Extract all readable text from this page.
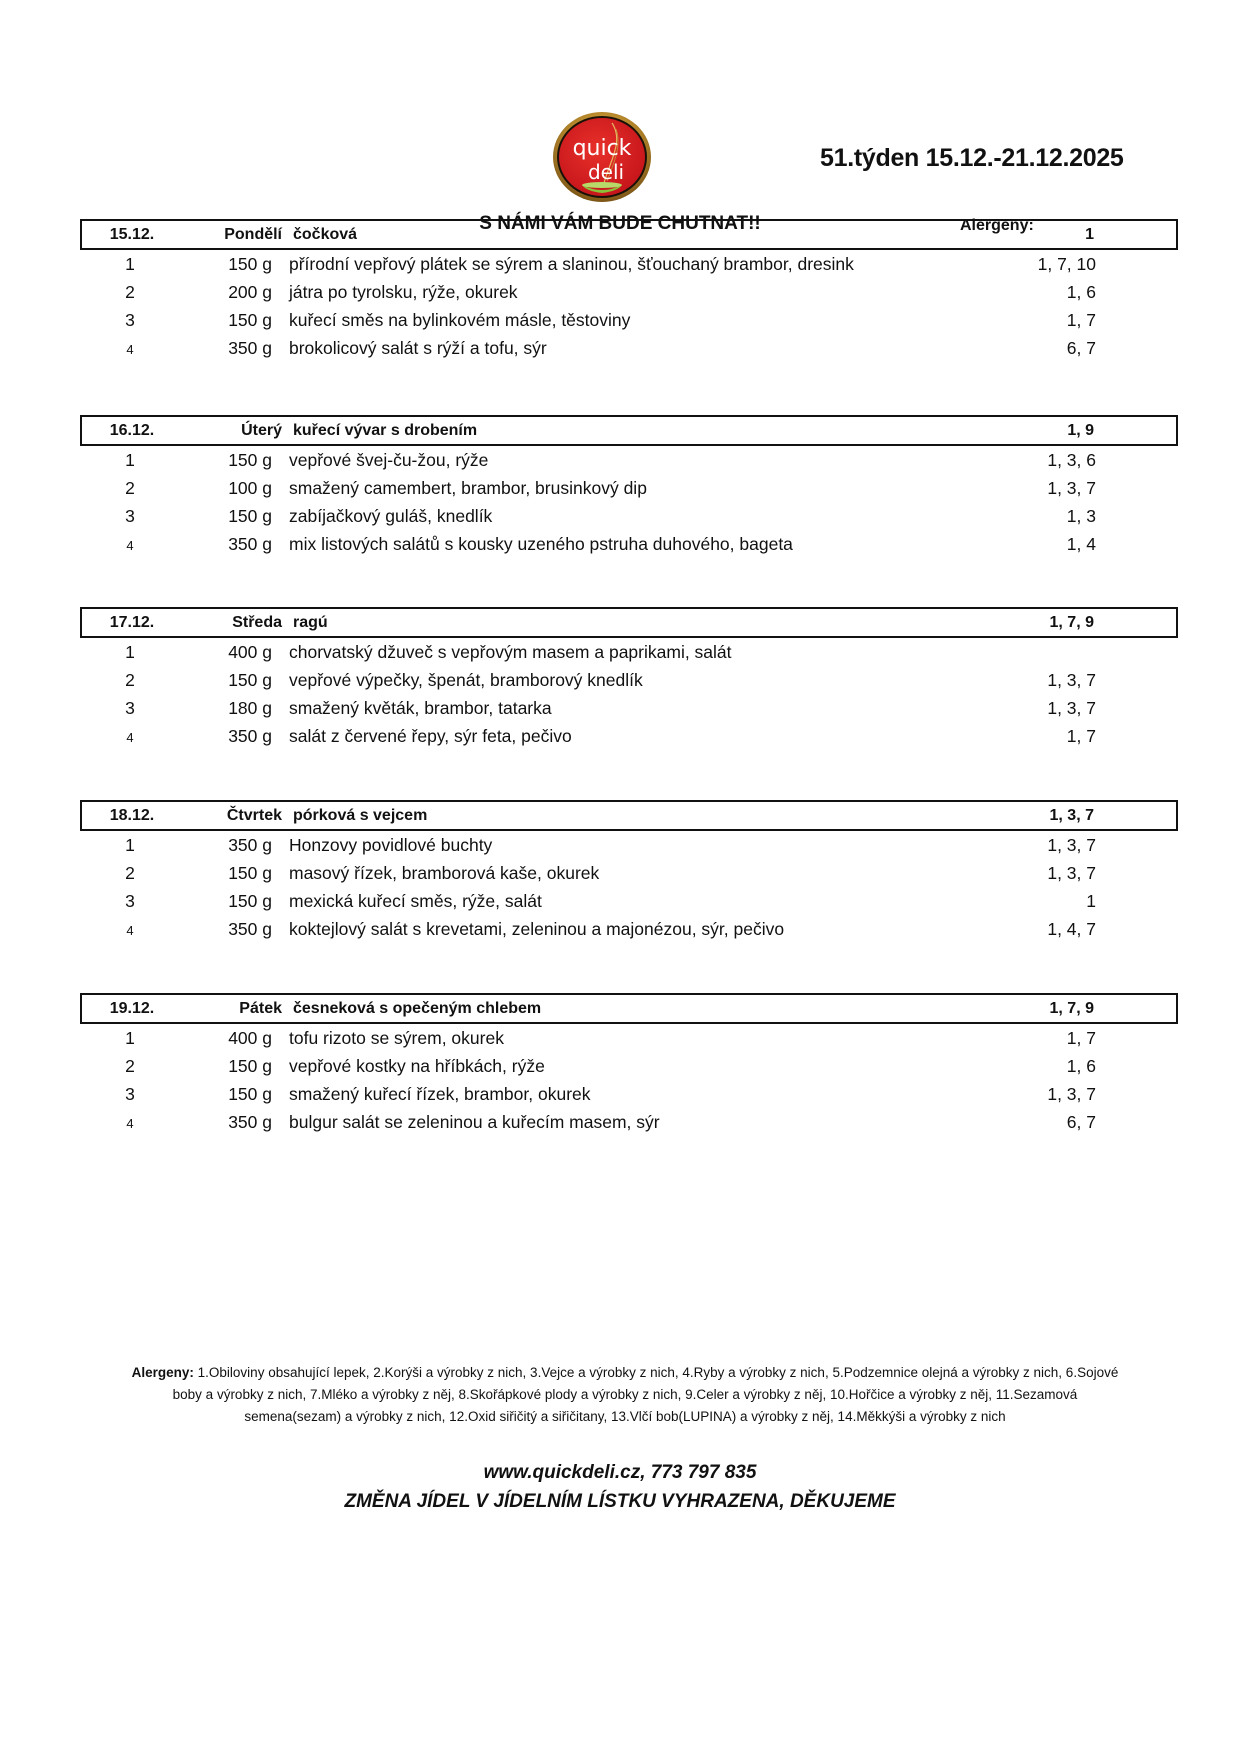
quick
deli	51.týden 15.12.-21.12.2025
S NÁMI VÁM BUDE CHUTNAT!!	Alergeny:
15.12.	Pondělí čočková	1
1	150 g přírodní vepřový plátek se sýrem a slaninou, šťouchaný brambor, dresink	1, 7, 10
2	200 g játra po tyrolsku, rýže, okurek	1, 6
3	150 g kuřecí směs na bylinkovém másle, těstoviny	1, 7
4	350 g brokolicový salát s rýží a tofu, sýr	6, 7
16.12.	Úterý kuřecí vývar s drobením	1, 9
1	150 g vepřové švej-ču-žou, rýže	1, 3, 6
2	100 g smažený camembert, brambor, brusinkový dip	1, 3, 7
3	150 g zabíjačkový guláš, knedlík	1, 3
4	350 g mix listových salátů s kousky uzeného pstruha duhového, bageta	1, 4
17.12.	Středa ragú	1, 7, 9
1	400 g chorvatský džuveč s vepřovým masem a paprikami, salát
2	150 g vepřové výpečky, špenát, bramborový knedlík	1, 3, 7
3	180 g smažený květák, brambor, tatarka	1, 3, 7
4	350 g salát z červené řepy, sýr feta, pečivo	1, 7
18.12.	Čtvrtek pórková s vejcem	1, 3, 7
1	350 g Honzovy povidlové buchty	1, 3, 7
2	150 g masový řízek, bramborová kaše, okurek	1, 3, 7
3	150 g mexická kuřecí směs, rýže, salát	1
4	350 g koktejlový salát s krevetami, zeleninou a majonézou, sýr, pečivo	1, 4, 7
19.12.	Pátek česneková s opečeným chlebem	1, 7, 9
1	400 g tofu rizoto se sýrem, okurek	1, 7
2	150 g vepřové kostky na hříbkách, rýže	1, 6
3	150 g smažený kuřecí řízek, brambor, okurek	1, 3, 7
4	350 g bulgur salát se zeleninou a kuřecím masem, sýr	6, 7
Alergeny: 1.Obiloviny obsahující lepek, 2.Korýši a výrobky z nich, 3.Vejce a výrobky z nich, 4.Ryby a výrobky z nich, 5.Podzemnice olejná a výrobky z nich, 6.Sojové
boby a výrobky z nich, 7.Mléko a výrobky z něj, 8.Skořápkové plody a výrobky z nich, 9.Celer a výrobky z něj, 10.Hořčice a výrobky z něj, 11.Sezamová
semena(sezam) a výrobky z nich, 12.Oxid siřičitý a siřičitany, 13.Vlčí bob(LUPINA) a výrobky z něj, 14.Měkkýši a výrobky z nich
www.quickdeli.cz, 773 797 835
ZMĚNA JÍDEL V JÍDELNÍM LÍSTKU VYHRAZENA, DĚKUJEME
